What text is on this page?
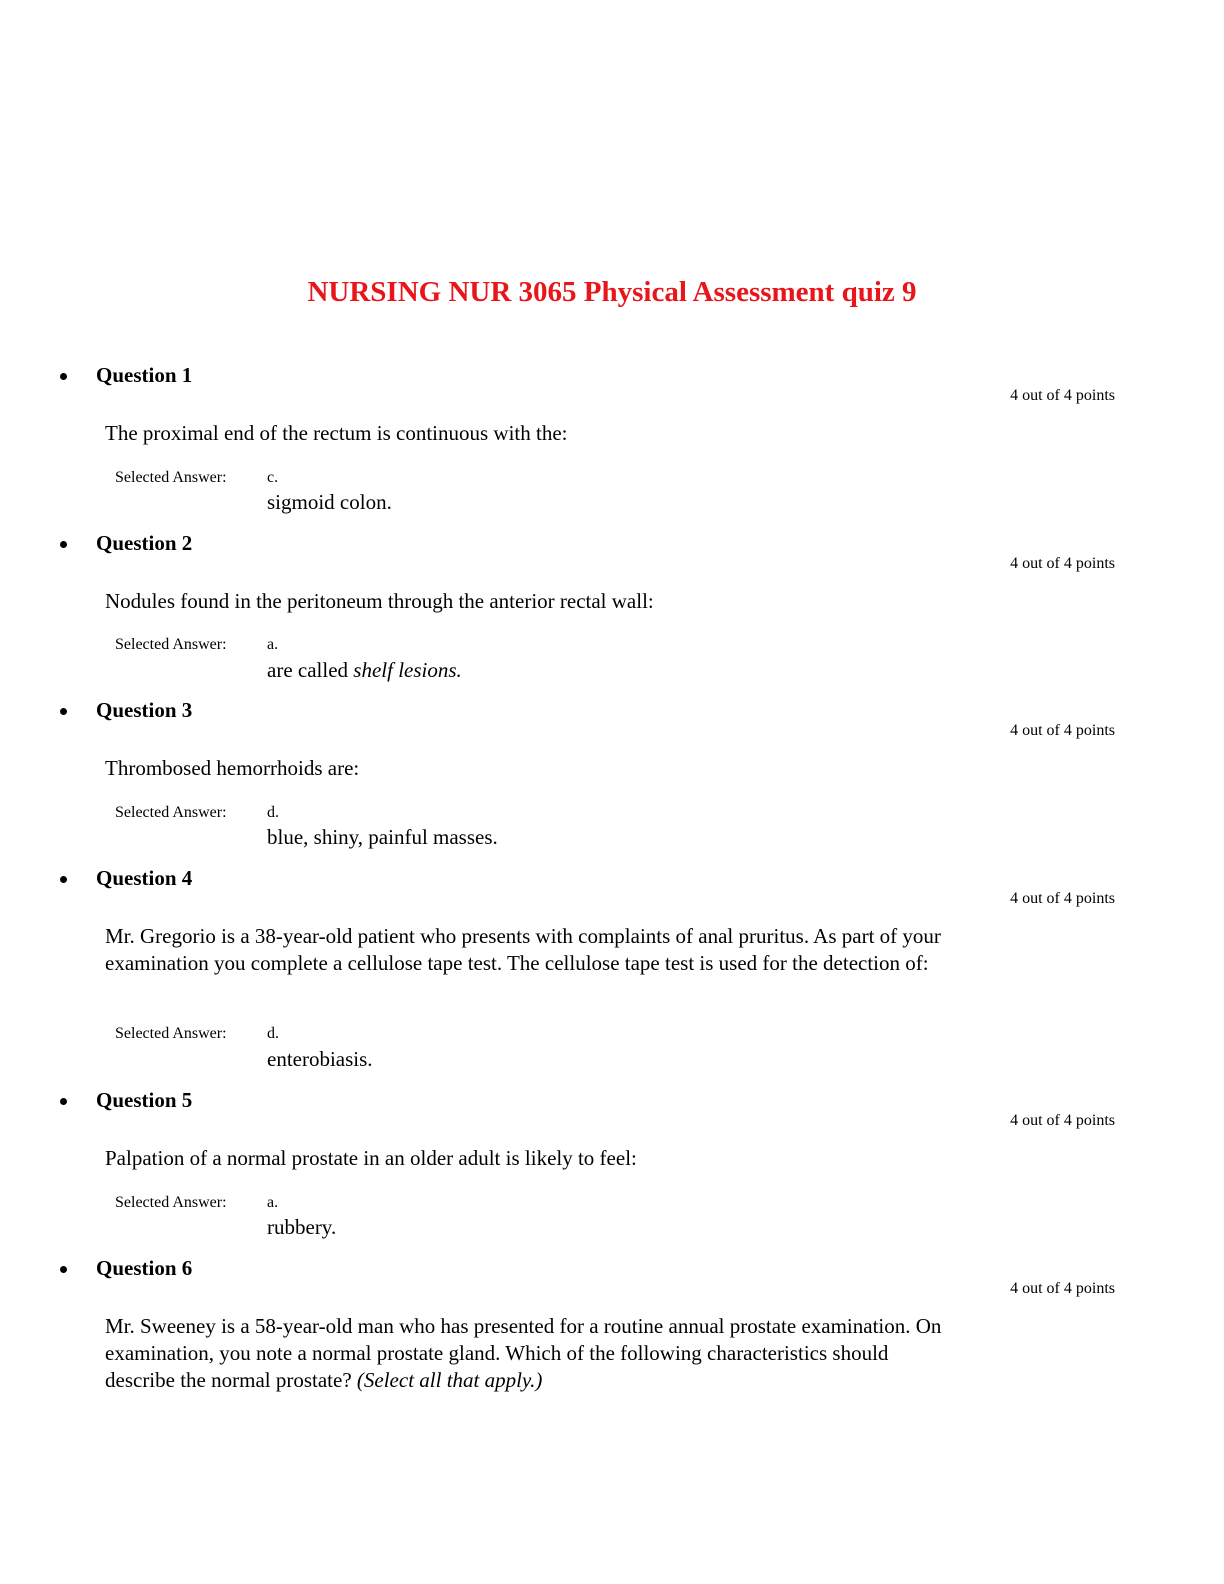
NURSING NUR 3065 Physical Assessment quiz 9
Question 1
4 out of 4 points
The proximal end of the rectum is continuous with the:
Selected Answer:	c.
sigmoid colon.
Question 2
4 out of 4 points
Nodules found in the peritoneum through the anterior rectal wall:
Selected Answer:	a.
are called shelf lesions.
Question 3
4 out of 4 points
Thrombosed hemorrhoids are:
Selected Answer:	d.
blue, shiny, painful masses.
Question 4
4 out of 4 points
Mr. Gregorio is a 38-year-old patient who presents with complaints of anal pruritus. As part of your examination you complete a cellulose tape test. The cellulose tape test is used for the detection of:
Selected Answer:	d.
enterobiasis.
Question 5
4 out of 4 points
Palpation of a normal prostate in an older adult is likely to feel:
Selected Answer:	a.
rubbery.
Question 6
4 out of 4 points
Mr. Sweeney is a 58-year-old man who has presented for a routine annual prostate examination. On examination, you note a normal prostate gland. Which of the following characteristics should describe the normal prostate? (Select all that apply.)
